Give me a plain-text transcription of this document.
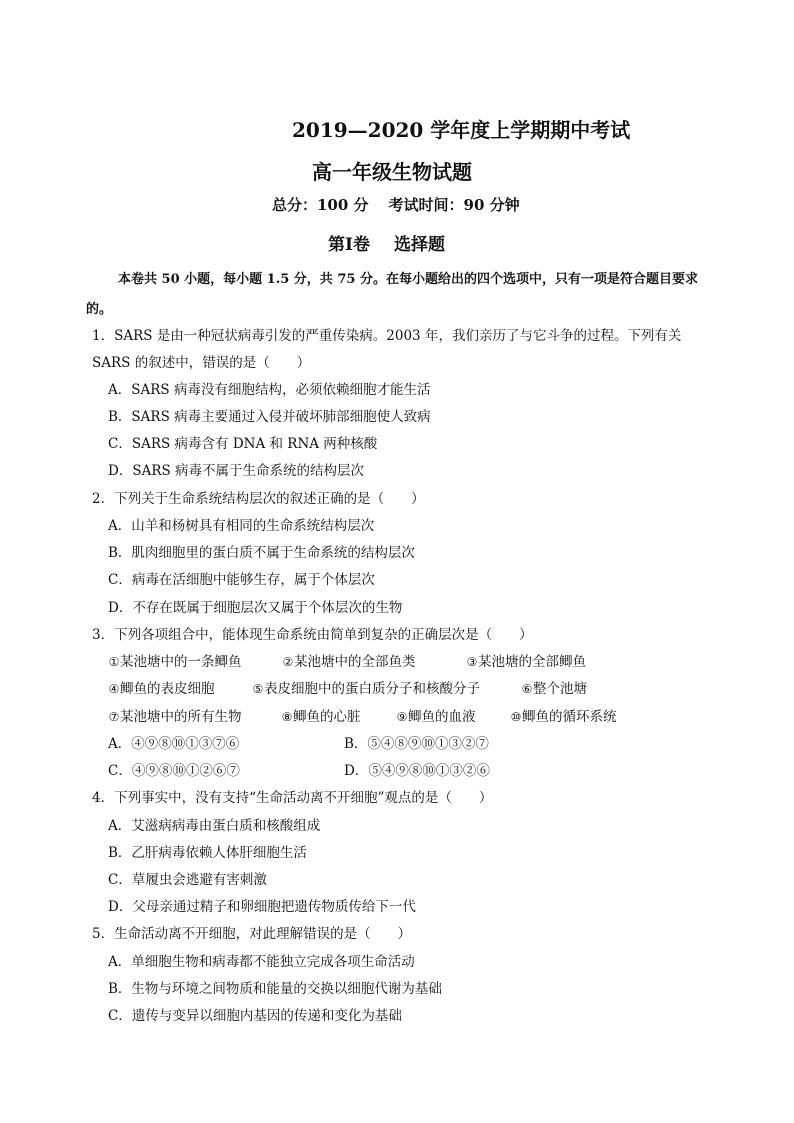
2019—2020 学年度上学期期中考试
高一年级生物试题
总分：100 分 考试时间：90 分钟
第Ⅰ卷 选择题
本卷共 50 小题，每小题 1.5 分，共 75 分。在每小题给出的四个选项中，只有一项是符合题目要求的。
1．SARS 是由一种冠状病毒引发的严重传染病。2003 年，我们亲历了与它斗争的过程。下列有关
SARS 的叙述中，错误的是（　　）
A．SARS 病毒没有细胞结构，必须依赖细胞才能生活
B．SARS 病毒主要通过入侵并破坏肺部细胞使人致病
C．SARS 病毒含有 DNA 和 RNA 两种核酸
D．SARS 病毒不属于生命系统的结构层次
2．下列关于生命系统结构层次的叙述正确的是（　　）
A．山羊和杨树具有相同的生命系统结构层次
B．肌肉细胞里的蛋白质不属于生命系统的结构层次
C．病毒在活细胞中能够生存，属于个体层次
D．不存在既属于细胞层次又属于个体层次的生物
3．下列各项组合中，能体现生命系统由简单到复杂的正确层次是（　　）
①某池塘中的一条鲫鱼	②某池塘中的全部鱼类	③某池塘的全部鲫鱼
④鲫鱼的表皮细胞	⑤表皮细胞中的蛋白质分子和核酸分子	⑥整个池塘
⑦某池塘中的所有生物	⑧鲫鱼的心脏	⑨鲫鱼的血液	⑩鲫鱼的循环系统
A．④⑨⑧⑩①③⑦⑥	B．⑤④⑧⑨⑩①③②⑦
C．④⑨⑧⑩①②⑥⑦	D．⑤④⑨⑧⑩①③②⑥
4．下列事实中，没有支持“生命活动离不开细胞”观点的是（　　）
A．艾滋病病毒由蛋白质和核酸组成
B．乙肝病毒依赖人体肝细胞生活
C．草履虫会逃避有害刺激
D．父母亲通过精子和卵细胞把遗传物质传给下一代
5．生命活动离不开细胞，对此理解错误的是（　　）
A．单细胞生物和病毒都不能独立完成各项生命活动
B．生物与环境之间物质和能量的交换以细胞代谢为基础
C．遗传与变异以细胞内基因的传递和变化为基础
